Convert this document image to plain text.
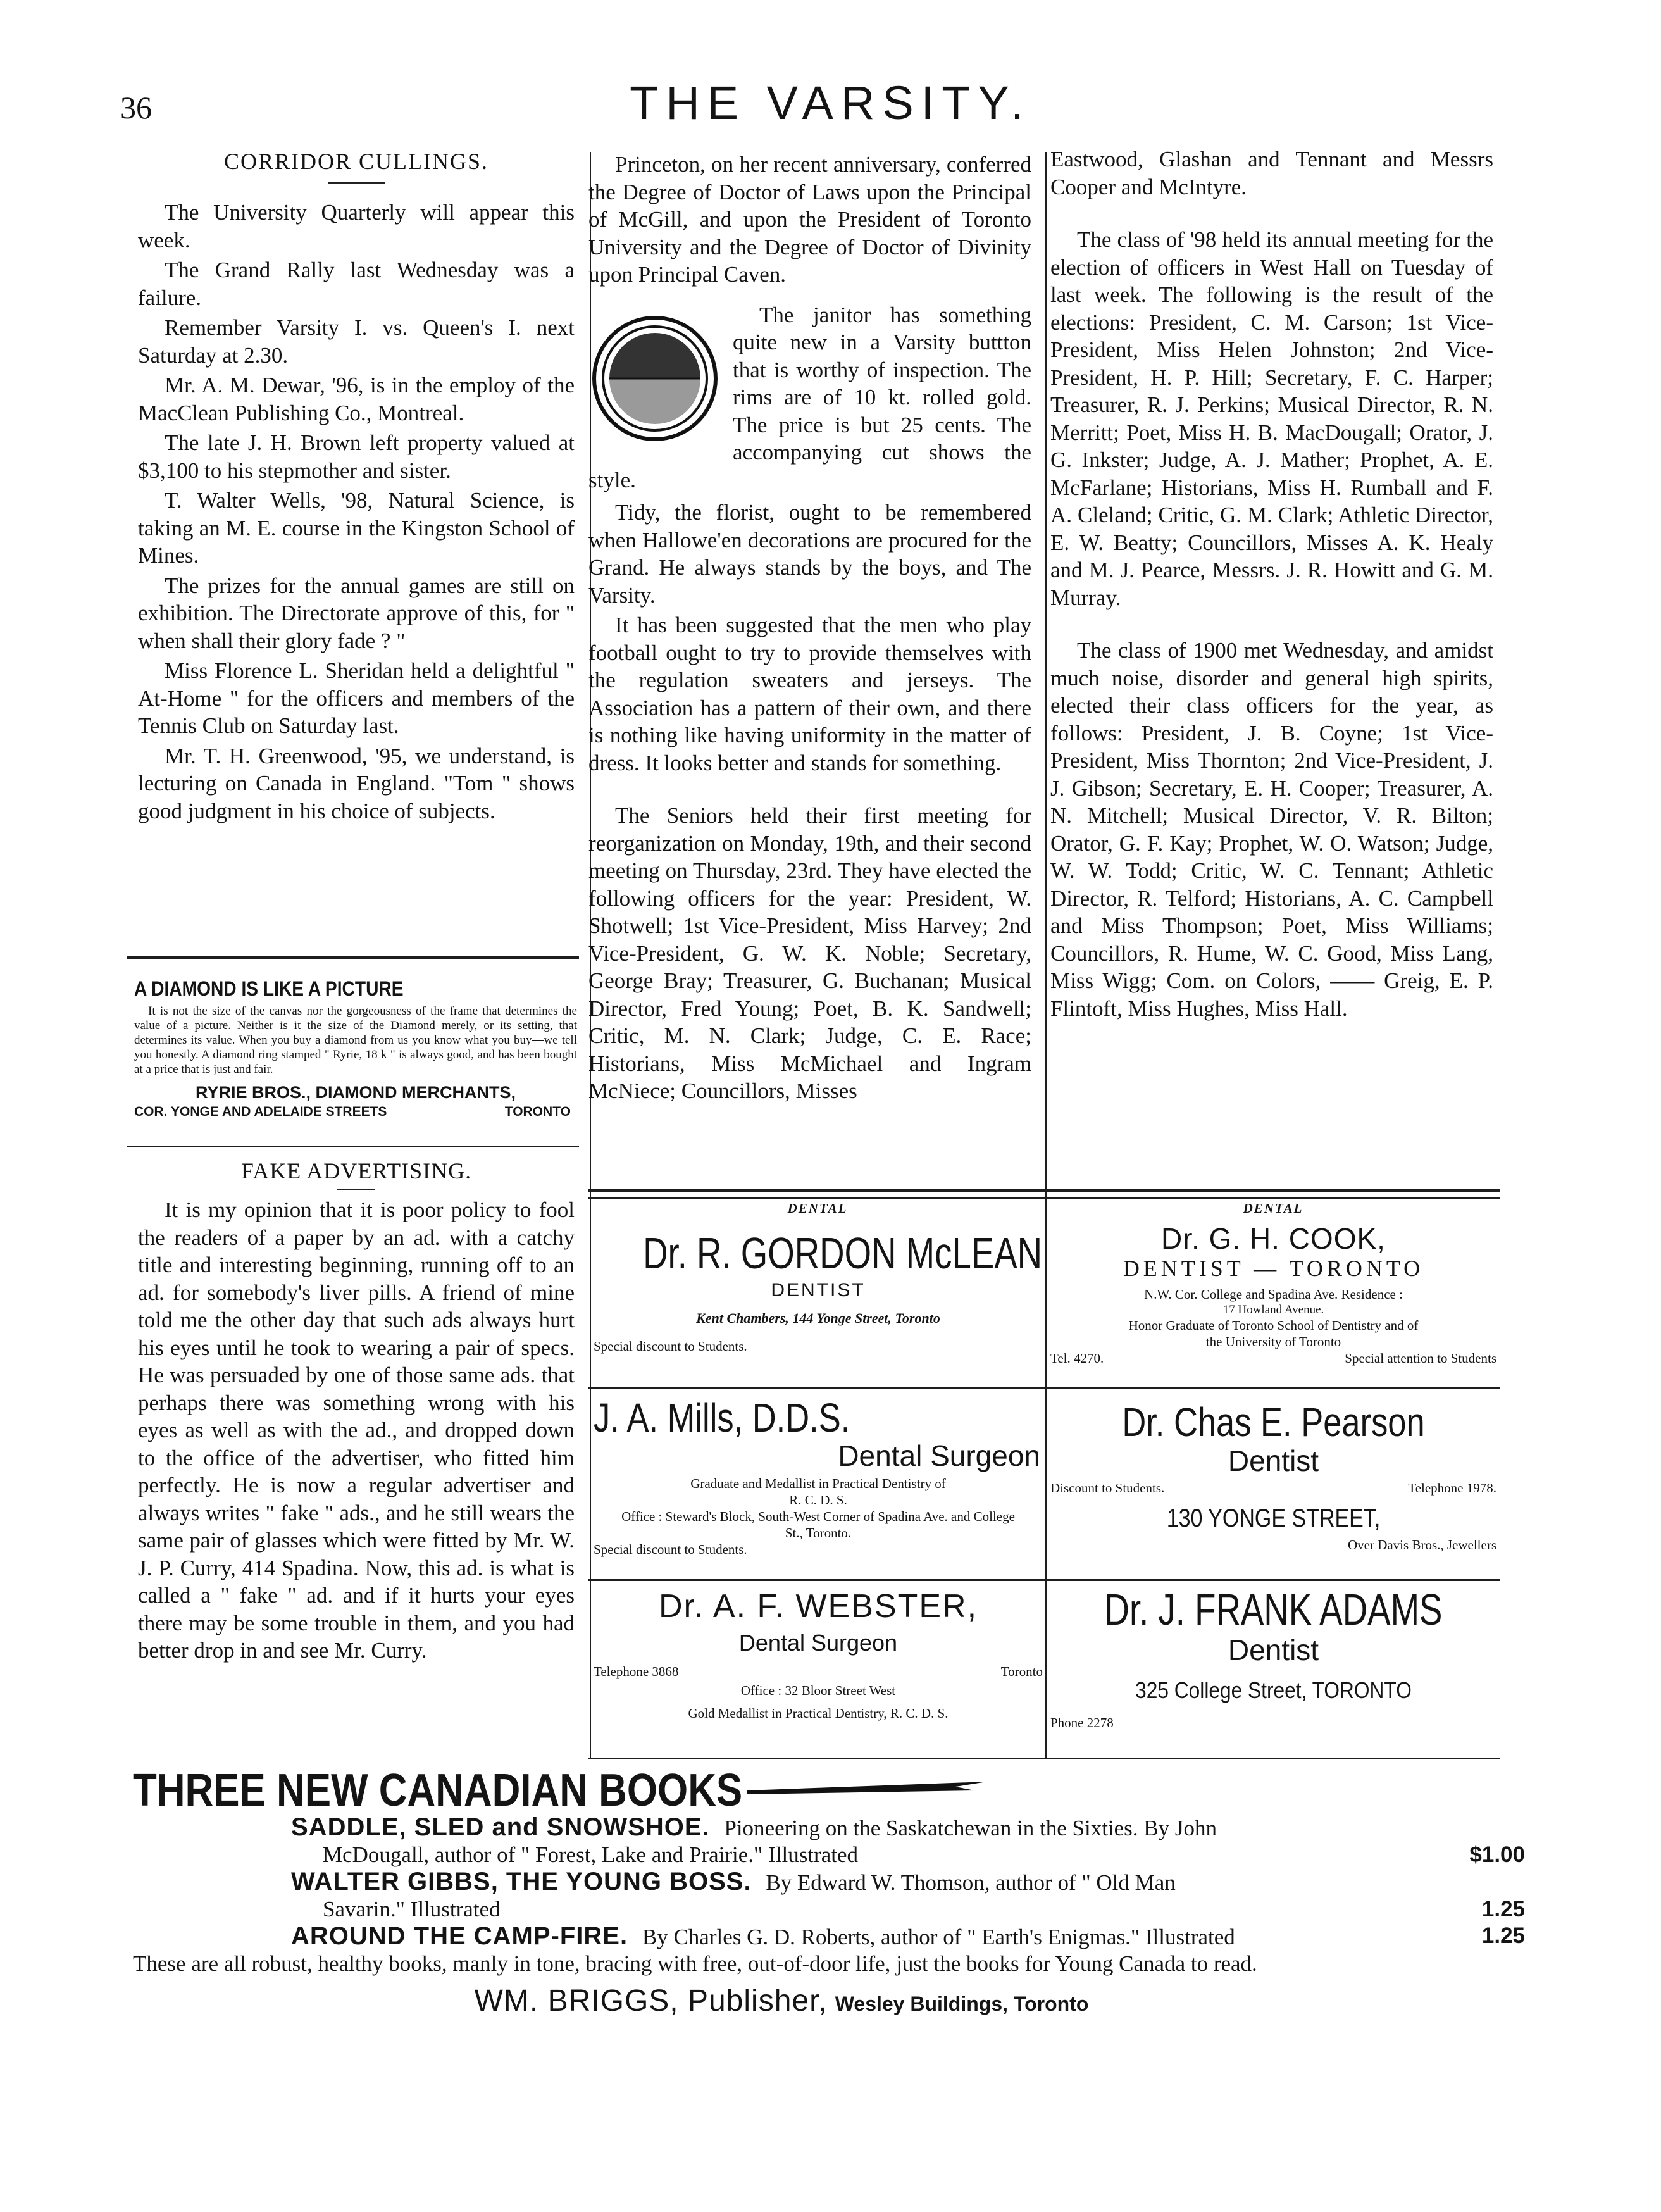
36	THE VARSITY.
CORRIDOR CULLINGS.

The University Quarterly will appear this week.

The Grand Rally last Wednesday was a failure.

Remember Varsity I. vs. Queen's I. next Saturday at 2.30.

Mr. A. M. Dewar, '96, is in the employ of the MacClean Publishing Co., Montreal.

The late J. H. Brown left property valued at $3,100 to his stepmother and sister.

T. Walter Wells, '98, Natural Science, is taking an M. E. course in the Kingston School of Mines.

The prizes for the annual games are still on exhibition. The Directorate approve of this, for " when shall their glory fade ? "

Miss Florence L. Sheridan held a delightful " At-Home " for the officers and members of the Tennis Club on Saturday last.

Mr. T. H. Greenwood, '95, we understand, is lecturing on Canada in England. "Tom " shows good judgment in his choice of subjects.

A DIAMOND IS LIKE A PICTURE
It is not the size of the canvas nor the gorgeousness of the frame that determines the value of a picture. Neither is it the size of the Diamond merely, or its setting, that determines its value. When you buy a diamond from us you know what you buy—we tell you honestly. A diamond ring stamped " Ryrie, 18 k " is always good, and has been bought at a price that is just and fair.
RYRIE BROS., DIAMOND MERCHANTS,
COR. YONGE AND ADELAIDE STREETS	TORONTO
FAKE ADVERTISING.

It is my opinion that it is poor policy to fool the readers of a paper by an ad. with a catchy title and interesting beginning, running off to an ad. for somebody's liver pills. A friend of mine told me the other day that such ads always hurt his eyes until he took to wearing a pair of specs. He was persuaded by one of those same ads. that perhaps there was something wrong with his eyes as well as with the ad., and dropped down to the office of the advertiser, who fitted him perfectly. He is now a regular advertiser and always writes " fake " ads., and he still wears the same pair of glasses which were fitted by Mr. W. J. P. Curry, 414 Spadina. Now, this ad. is what is called a " fake " ad. and if it hurts your eyes there may be some trouble in them, and you had better drop in and see Mr. Curry.

Princeton, on her recent anniversary, conferred the Degree of Doctor of Laws upon the Principal of McGill, and upon the President of Toronto University and the Degree of Doctor of Divinity upon Principal Caven.

The janitor has something quite new in a Varsity buttton that is worthy of inspection. The rims are of 10 kt. rolled gold. The price is but 25 cents. The accompanying cut shows the style.

Tidy, the florist, ought to be remembered when Hallowe'en decorations are procured for the Grand. He always stands by the boys, and The Varsity.

It has been suggested that the men who play football ought to try to provide themselves with the regulation sweaters and jerseys. The Association has a pattern of their own, and there is nothing like having uniformity in the matter of dress. It looks better and stands for something.

The Seniors held their first meeting for reorganization on Monday, 19th, and their second meeting on Thursday, 23rd. They have elected the following officers for the year: President, W. Shotwell; 1st Vice-President, Miss Harvey; 2nd Vice-President, G. W. K. Noble; Secretary, George Bray; Treasurer, G. Buchanan; Musical Director, Fred Young; Poet, B. K. Sandwell; Critic, M. N. Clark; Judge, C. E. Race; Historians, Miss McMichael and Ingram McNiece; Councillors, Misses

Eastwood, Glashan and Tennant and Messrs Cooper and McIntyre.

The class of '98 held its annual meeting for the election of officers in West Hall on Tuesday of last week. The following is the result of the elections: President, C. M. Carson; 1st Vice-President, Miss Helen Johnston; 2nd Vice-President, H. P. Hill; Secretary, F. C. Harper; Treasurer, R. J. Perkins; Musical Director, R. N. Merritt; Poet, Miss H. B. MacDougall; Orator, J. G. Inkster; Judge, A. J. Mather; Prophet, A. E. McFarlane; Historians, Miss H. Rumball and F. A. Cleland; Critic, G. M. Clark; Athletic Director, E. W. Beatty; Councillors, Misses A. K. Healy and M. J. Pearce, Messrs. J. R. Howitt and G. M. Murray.

The class of 1900 met Wednesday, and amidst much noise, disorder and general high spirits, elected their class officers for the year, as follows: President, J. B. Coyne; 1st Vice-President, Miss Thornton; 2nd Vice-President, J. J. Gibson; Secretary, E. H. Cooper; Treasurer, A. N. Mitchell; Musical Director, V. R. Bilton; Orator, G. F. Kay; Prophet, W. O. Watson; Judge, W. W. Todd; Critic, W. C. Tennant; Athletic Director, R. Telford; Historians, A. C. Campbell and Miss Thompson; Poet, Miss Williams; Councillors, R. Hume, W. C. Good, Miss Lang, Miss Wigg; Com. on Colors, —— Greig, E. P. Flintoft, Miss Hughes, Miss Hall.

DENTAL	DENTAL
Dr. R. GORDON McLEAN
DENTIST
Kent Chambers, 144 Yonge Street, Toronto
Special discount to Students.
Dr. G. H. COOK,
DENTIST — TORONTO
N.W. Cor. College and Spadina Ave. Residence :
17 Howland Avenue.
Honor Graduate of Toronto School of Dentistry and of
the University of Toronto
Tel. 4270.	Special attention to Students
J. A. Mills, D.D.S.
Dental Surgeon
Graduate and Medallist in Practical Dentistry of
R. C. D. S.
Office : Steward's Block, South-West Corner of Spadina Ave. and College St., Toronto.
Special discount to Students.
Dr. Chas E. Pearson
Dentist
Discount to Students.	Telephone 1978.
130 YONGE STREET,
Over Davis Bros., Jewellers
Dr. A. F. WEBSTER,
Dental Surgeon
Telephone 3868	Toronto
Office : 32 Bloor Street West
Gold Medallist in Practical Dentistry, R. C. D. S.
Dr. J. FRANK ADAMS
Dentist
325 College Street, TORONTO
Phone 2278
THREE NEW CANADIAN BOOKS
SADDLE, SLED and SNOWSHOE. Pioneering on the Saskatchewan in the Sixties. By John
McDougall, author of " Forest, Lake and Prairie." Illustrated	$1.00
WALTER GIBBS, THE YOUNG BOSS. By Edward W. Thomson, author of " Old Man
Savarin." Illustrated	1.25
AROUND THE CAMP-FIRE. By Charles G. D. Roberts, author of " Earth's Enigmas." Illustrated	1.25
These are all robust, healthy books, manly in tone, bracing with free, out-of-door life, just the books for Young Canada to read.
WM. BRIGGS, Publisher, Wesley Buildings, Toronto
